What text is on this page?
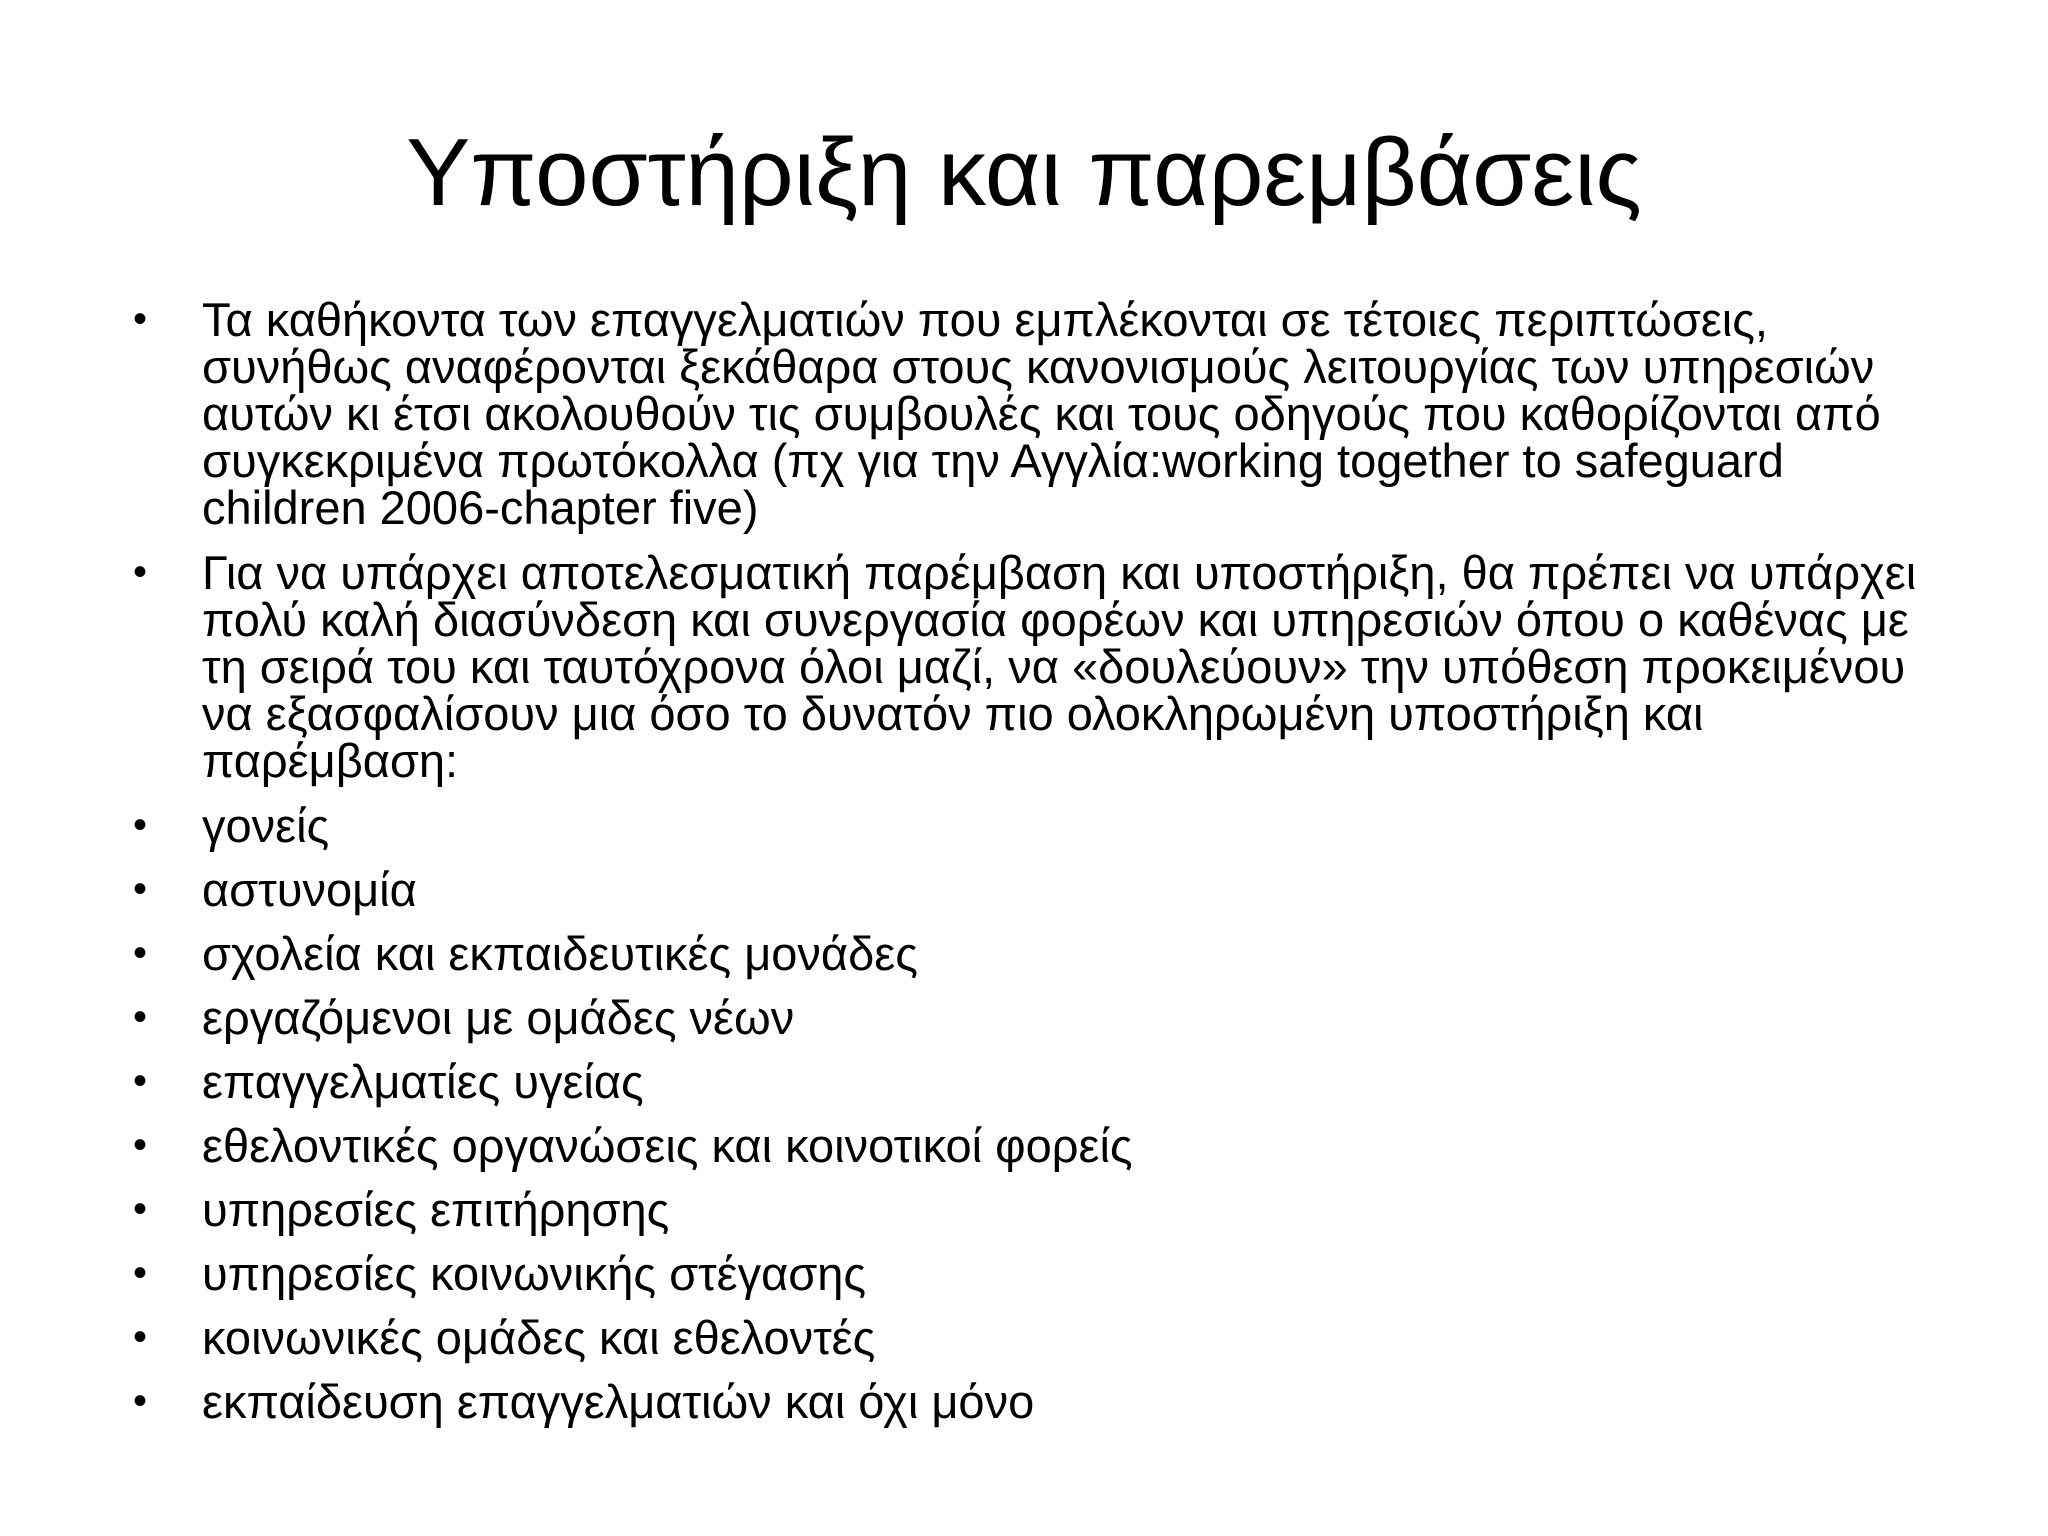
Υποστήριξη και παρεμβάσεις
• Τα καθήκοντα των επαγγελματιών που εμπλέκονται σε τέτοιες περιπτώσεις, συνήθως αναφέρονται ξεκάθαρα στους κανονισμούς λειτουργίας των υπηρεσιών αυτών κι έτσι ακολουθούν τις συμβουλές και τους οδηγούς που καθορίζονται από συγκεκριμένα πρωτόκολλα (πχ για την Αγγλία:working together to safeguard children 2006-chapter five)
• Για να υπάρχει αποτελεσματική παρέμβαση και υποστήριξη, θα πρέπει να υπάρχει πολύ καλή διασύνδεση και συνεργασία φορέων και υπηρεσιών όπου ο καθένας με τη σειρά του και ταυτόχρονα όλοι μαζί, να «δουλεύουν» την υπόθεση προκειμένου να εξασφαλίσουν μια όσο το δυνατόν πιο ολοκληρωμένη υποστήριξη και παρέμβαση:
• γονείς
• αστυνομία
• σχολεία και εκπαιδευτικές μονάδες
• εργαζόμενοι με ομάδες νέων
• επαγγελματίες υγείας
• εθελοντικές οργανώσεις και κοινοτικοί φορείς
• υπηρεσίες επιτήρησης
• υπηρεσίες κοινωνικής στέγασης
• κοινωνικές ομάδες και εθελοντές
• εκπαίδευση επαγγελματιών και όχι μόνο
